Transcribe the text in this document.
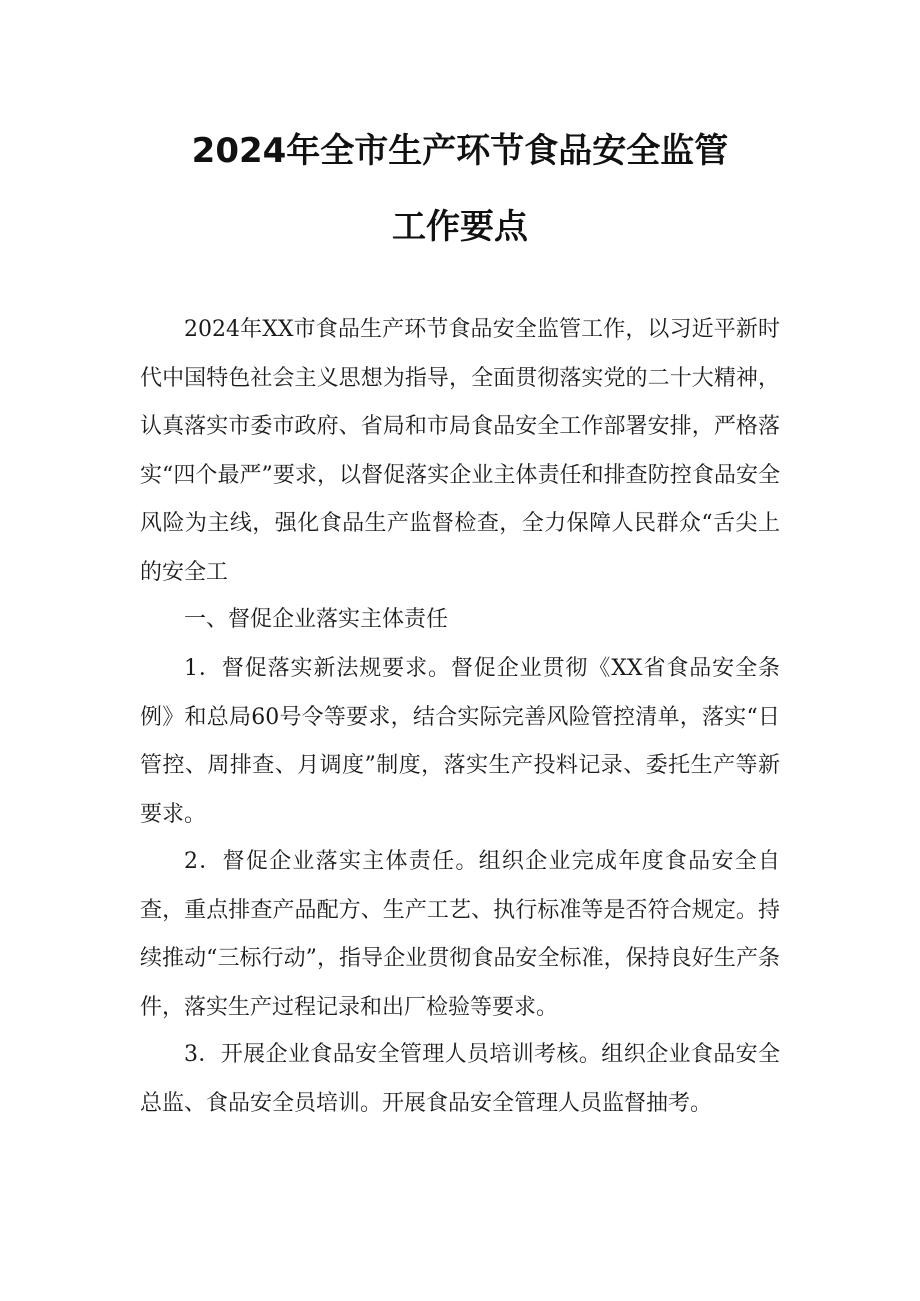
2024年全市生产环节食品安全监管
工作要点

2024年XX市食品生产环节食品安全监管工作，以习近平新时代中国特色社会主义思想为指导，全面贯彻落实党的二十大精神，认真落实市委市政府、省局和市局食品安全工作部署安排，严格落实“四个最严”要求，以督促落实企业主体责任和排查防控食品安全风险为主线，强化食品生产监督检查，全力保障人民群众“舌尖上的安全工

一、督促企业落实主体责任

1．督促落实新法规要求。督促企业贯彻《XX省食品安全条例》和总局60号令等要求，结合实际完善风险管控清单，落实“日管控、周排查、月调度”制度，落实生产投料记录、委托生产等新要求。

2．督促企业落实主体责任。组织企业完成年度食品安全自查，重点排查产品配方、生产工艺、执行标准等是否符合规定。持续推动“三标行动”，指导企业贯彻食品安全标准，保持良好生产条件，落实生产过程记录和出厂检验等要求。

3．开展企业食品安全管理人员培训考核。组织企业食品安全总监、食品安全员培训。开展食品安全管理人员监督抽考。
